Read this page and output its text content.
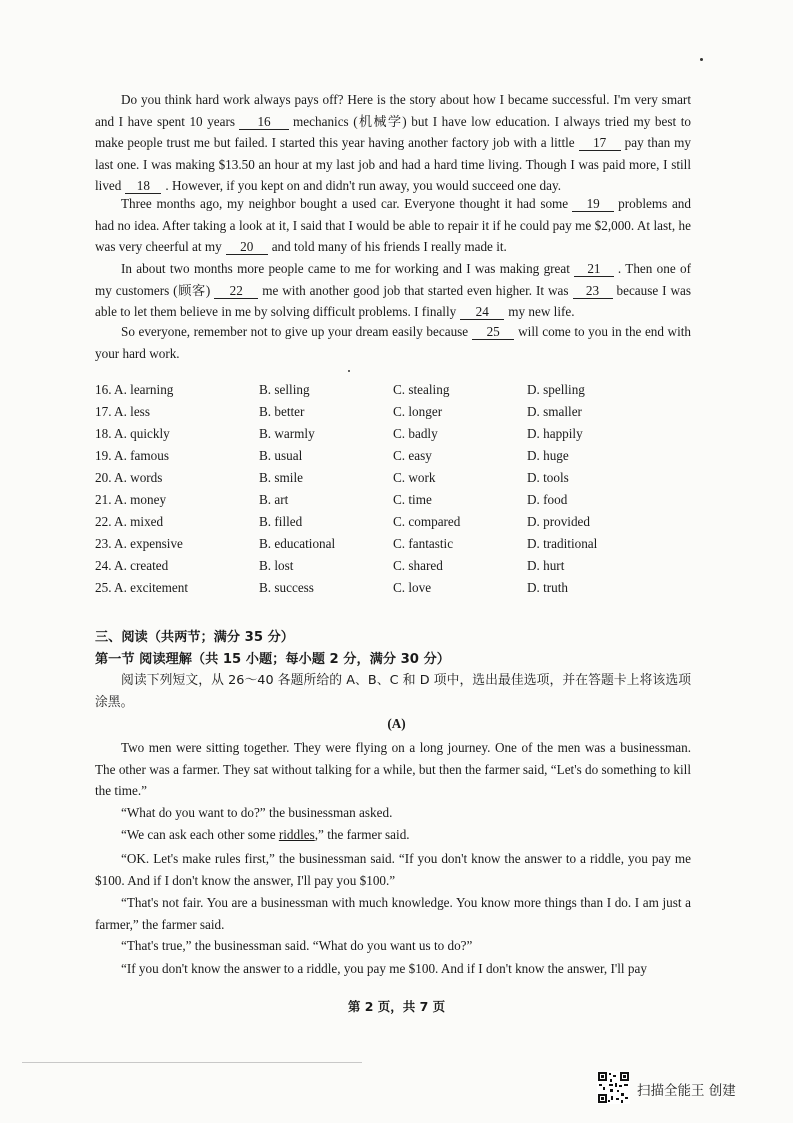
Do you think hard work always pays off? Here is the story about how I became successful. I'm very smart and I have spent 10 years 16 mechanics (机械学) but I have low education. I always tried my best to make people trust me but failed. I started this year having another factory job with a little 17 pay than my last one. I was making $13.50 an hour at my last job and had a hard time living. Though I was paid more, I still lived 18 . However, if you kept on and didn't run away, you would succeed one day.

Three months ago, my neighbor bought a used car. Everyone thought it had some 19 problems and had no idea. After taking a look at it, I said that I would be able to repair it if he could pay me $2,000. At last, he was very cheerful at my 20 and told many of his friends I really made it.

In about two months more people came to me for working and I was making great 21 . Then one of my customers (顾客) 22 me with another good job that started even higher. It was 23 because I was able to let them believe in me by solving difficult problems. I finally 24 my new life.

So everyone, remember not to give up your dream easily because 25 will come to you in the end with your hard work.

16. A. learning	B. selling	C. stealing	D. spelling
17. A. less	B. better	C. longer	D. smaller
18. A. quickly	B. warmly	C. badly	D. happily
19. A. famous	B. usual	C. easy	D. huge
20. A. words	B. smile	C. work	D. tools
21. A. money	B. art	C. time	D. food
22. A. mixed	B. filled	C. compared	D. provided
23. A. expensive	B. educational	C. fantastic	D. traditional
24. A. created	B. lost	C. shared	D. hurt
25. A. excitement	B. success	C. love	D. truth
三、阅读（共两节；满分 35 分）
第一节 阅读理解（共 15 小题；每小题 2 分，满分 30 分）

阅读下列短文，从 26～40 各题所给的 A、B、C 和 D 项中，选出最佳选项，并在答题卡上将该选项涂黑。

(A)

Two men were sitting together. They were flying on a long journey. One of the men was a businessman. The other was a farmer. They sat without talking for a while, but then the farmer said, “Let's do something to kill the time.”

“What do you want to do?” the businessman asked.

“We can ask each other some riddles,” the farmer said.

“OK. Let's make rules first,” the businessman said. “If you don't know the answer to a riddle, you pay me $100. And if I don't know the answer, I'll pay you $100.”

“That's not fair. You are a businessman with much knowledge. You know more things than I do. I am just a farmer,” the farmer said.

“That's true,” the businessman said. “What do you want us to do?”

“If you don't know the answer to a riddle, you pay me $100. And if I don't know the answer, I'll pay

第 2 页，共 7 页
扫描全能王 创建
